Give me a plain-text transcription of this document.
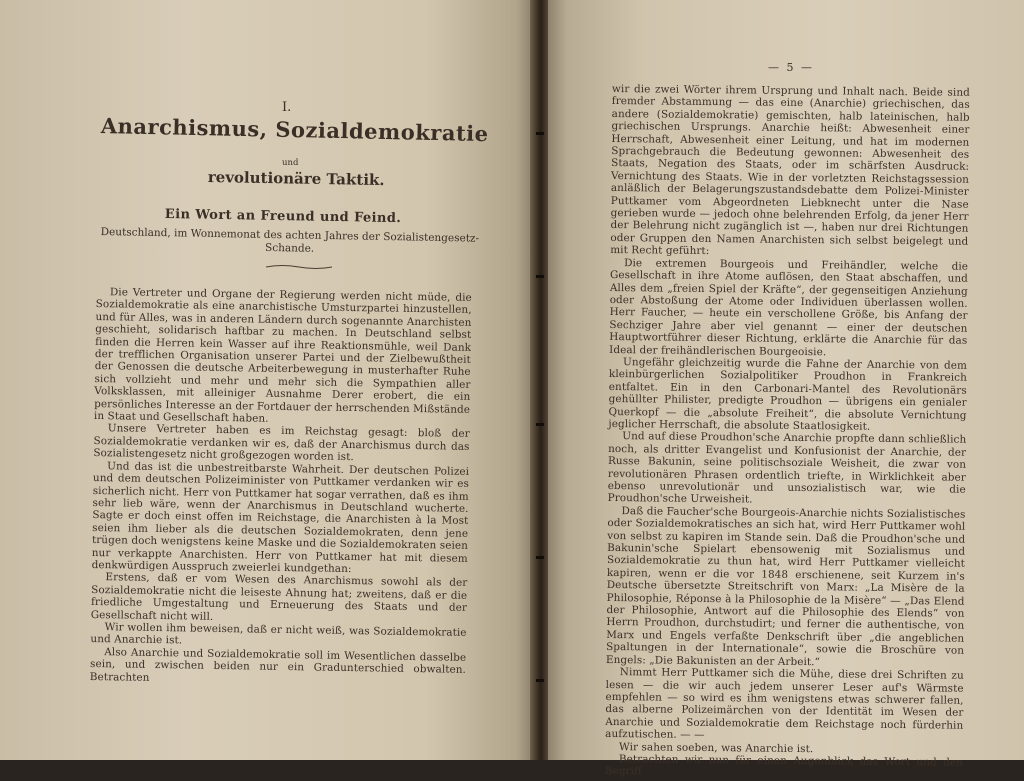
I.
Anarchismus, Sozialdemokratie
und
revolutionäre Taktik.
Ein Wort an Freund und Feind.
Deutschland, im Wonnemonat des achten Jahres der Sozialistengesetz-Schande.

Die Vertreter und Organe der Regierung werden nicht müde, die Sozialdemokratie als eine anarchistische Umsturzpartei hinzustellen, und für Alles, was in anderen Ländern durch sogenannte Anarchisten geschieht, solidarisch haftbar zu machen. In Deutschland selbst finden die Herren kein Wasser auf ihre Reaktionsmühle, weil Dank der trefflichen Organisation unserer Partei und der Zielbewußtheit der Genossen die deutsche Arbeiterbewegung in musterhafter Ruhe sich vollzieht und mehr und mehr sich die Sympathien aller Volksklassen, mit alleiniger Ausnahme Derer erobert, die ein persönliches Interesse an der Fortdauer der herrschenden Mißstände in Staat und Gesellschaft haben.

Unsere Vertreter haben es im Reichstag gesagt: bloß der Sozialdemokratie verdanken wir es, daß der Anarchismus durch das Sozialistengesetz nicht großgezogen worden ist.

Und das ist die unbestreitbarste Wahrheit. Der deutschen Polizei und dem deutschen Polizeiminister von Puttkamer verdanken wir es sicherlich nicht. Herr von Puttkamer hat sogar verrathen, daß es ihm sehr lieb wäre, wenn der Anarchismus in Deutschland wucherte. Sagte er doch einst offen im Reichstage, die Anarchisten à la Most seien ihm lieber als die deutschen Sozialdemokraten, denn jene trügen doch wenigstens keine Maske und die Sozialdemokraten seien nur verkappte Anarchisten. Herr von Puttkamer hat mit diesem denkwürdigen Ausspruch zweierlei kundgethan:

Erstens, daß er vom Wesen des Anarchismus sowohl als der Sozialdemokratie nicht die leiseste Ahnung hat; zweitens, daß er die friedliche Umgestaltung und Erneuerung des Staats und der Gesellschaft nicht will.

Wir wollen ihm beweisen, daß er nicht weiß, was Sozialdemokratie und Anarchie ist.

Also Anarchie und Sozialdemokratie soll im Wesentlichen dasselbe sein, und zwischen beiden nur ein Gradunterschied obwalten. Betrachten

— 5 —

wir die zwei Wörter ihrem Ursprung und Inhalt nach. Beide sind fremder Abstammung — das eine (Anarchie) griechischen, das andere (Sozialdemokratie) gemischten, halb lateinischen, halb griechischen Ursprungs. Anarchie heißt: Abwesenheit einer Herrschaft, Abwesenheit einer Leitung, und hat im modernen Sprachgebrauch die Bedeutung gewonnen: Abwesenheit des Staats, Negation des Staats, oder im schärfsten Ausdruck: Vernichtung des Staats. Wie in der vorletzten Reichstagssession anläßlich der Belagerungszustandsdebatte dem Polizei-Minister Puttkamer vom Abgeordneten Liebknecht unter die Nase gerieben wurde — jedoch ohne belehrenden Erfolg, da jener Herr der Belehrung nicht zugänglich ist —, haben nur drei Richtungen oder Gruppen den Namen Anarchisten sich selbst beigelegt und mit Recht geführt:

Die extremen Bourgeois und Freihändler, welche die Gesellschaft in ihre Atome auflösen, den Staat abschaffen, und Alles dem „freien Spiel der Kräfte“, der gegenseitigen Anziehung oder Abstoßung der Atome oder Individuen überlassen wollen. Herr Faucher, — heute ein verschollene Größe, bis Anfang der Sechziger Jahre aber viel genannt — einer der deutschen Hauptwortführer dieser Richtung, erklärte die Anarchie für das Ideal der freihändlerischen Bourgeoisie.

Ungefähr gleichzeitig wurde die Fahne der Anarchie von dem kleinbürgerlichen Sozialpolitiker Proudhon in Frankreich entfaltet. Ein in den Carbonari-Mantel des Revolutionärs gehüllter Philister, predigte Proudhon — übrigens ein genialer Querkopf — die „absolute Freiheit“, die absolute Vernichtung jeglicher Herrschaft, die absolute Staatlosigkeit.

Und auf diese Proudhon'sche Anarchie propfte dann schließlich noch, als dritter Evangelist und Konfusionist der Anarchie, der Russe Bakunin, seine politischsoziale Weisheit, die zwar von revolutionären Phrasen ordentlich triefte, in Wirklichkeit aber ebenso unrevolutionär und unsozialistisch war, wie die Proudhon'sche Urweisheit.

Daß die Faucher'sche Bourgeois-Anarchie nichts Sozialistisches oder Sozialdemokratisches an sich hat, wird Herr Puttkamer wohl von selbst zu kapiren im Stande sein. Daß die Proudhon'sche und Bakunin'sche Spielart ebensowenig mit Sozialismus und Sozialdemokratie zu thun hat, wird Herr Puttkamer vielleicht kapiren, wenn er die vor 1848 erschienene, seit Kurzem in's Deutsche übersetzte Streitschrift von Marx: „La Misère de la Philosophie, Réponse à la Philosophie de la Misère“ — „Das Elend der Philosophie, Antwort auf die Philosophie des Elends“ von Herrn Proudhon, durchstudirt; und ferner die authentische, von Marx und Engels verfaßte Denkschrift über „die angeblichen Spaltungen in der Internationale“, sowie die Broschüre von Engels: „Die Bakunisten an der Arbeit.“

Nimmt Herr Puttkamer sich die Mühe, diese drei Schriften zu lesen — die wir auch jedem unserer Leser auf's Wärmste empfehlen — so wird es ihm wenigstens etwas schwerer fallen, das alberne Polizeimärchen von der Identität im Wesen der Anarchie und Sozialdemokratie dem Reichstage noch fürderhin aufzutischen. — —

Wir sahen soeben, was Anarchie ist.

Betrachten wir nun für einen Augenblick das Wort und den Begriff
